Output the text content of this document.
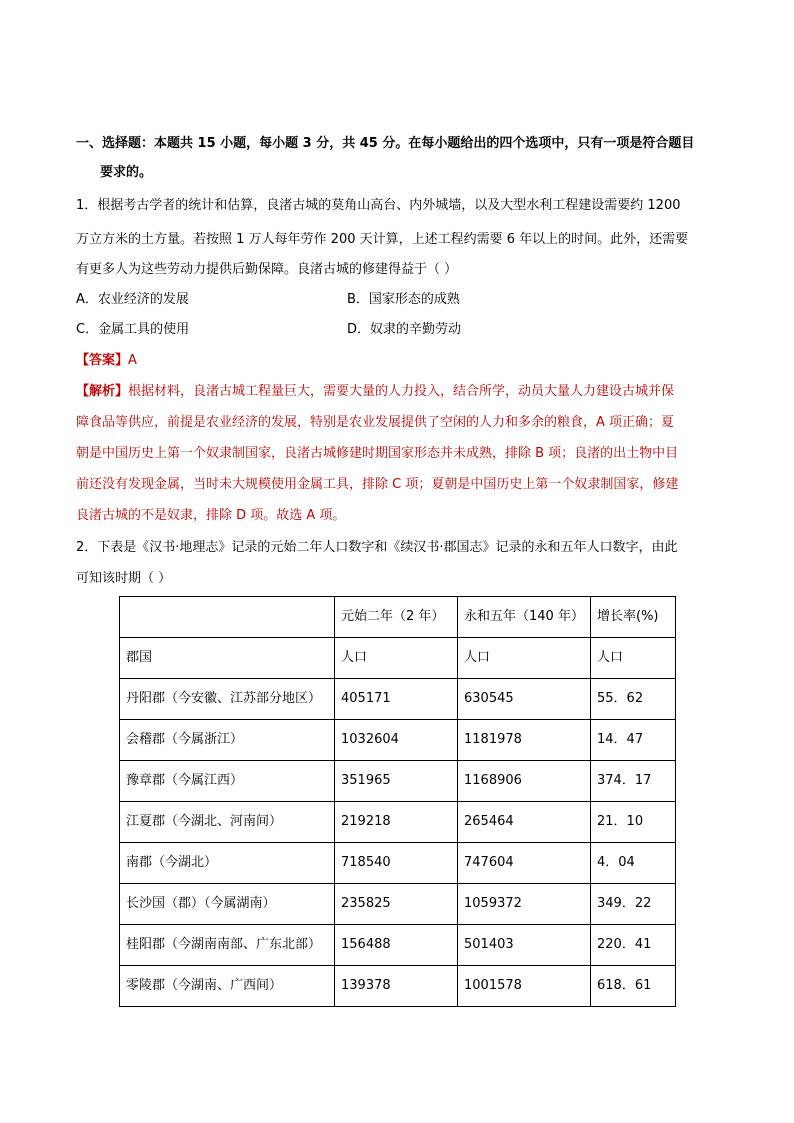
一、选择题：本题共 15 小题，每小题 3 分，共 45 分。在每小题给出的四个选项中，只有一项是符合题目
要求的。
1．根据考古学者的统计和估算，良渚古城的莫角山高台、内外城墙，以及大型水利工程建设需要约 1200
万立方米的土方量。若按照 1 万人每年劳作 200 天计算，上述工程约需要 6 年以上的时间。此外，还需要
有更多人为这些劳动力提供后勤保障。良渚古城的修建得益于（ ）
A．农业经济的发展	B．国家形态的成熟
C．金属工具的使用	D．奴隶的辛勤劳动
【答案】A
【解析】根据材料，良渚古城工程量巨大，需要大量的人力投入，结合所学，动员大量人力建设古城并保
障食品等供应，前提是农业经济的发展，特别是农业发展提供了空闲的人力和多余的粮食，A 项正确；夏
朝是中国历史上第一个奴隶制国家，良渚古城修建时期国家形态并未成熟，排除 B 项；良渚的出土物中目
前还没有发现金属，当时未大规模使用金属工具，排除 C 项；夏朝是中国历史上第一个奴隶制国家，修建
良渚古城的不是奴隶，排除 D 项。故选 A 项。
2．下表是《汉书·地理志》记录的元始二年人口数字和《续汉书·郡国志》记录的永和五年人口数字，由此
可知该时期（ ）
	元始二年（2 年）	永和五年（140 年）	增长率(%)
郡国	人口	人口	人口
丹阳郡（今安徽、江苏部分地区）	405171	630545	55．62
会稽郡（今属浙江）	1032604	1181978	14．47
豫章郡（今属江西）	351965	1168906	374．17
江夏郡（今湖北、河南间）	219218	265464	21．10
南郡（今湖北）	718540	747604	4．04
长沙国（郡）（今属湖南）	235825	1059372	349．22
桂阳郡（今湖南南部、广东北部）	156488	501403	220．41
零陵郡（今湖南、广西间）	139378	1001578	618．61
